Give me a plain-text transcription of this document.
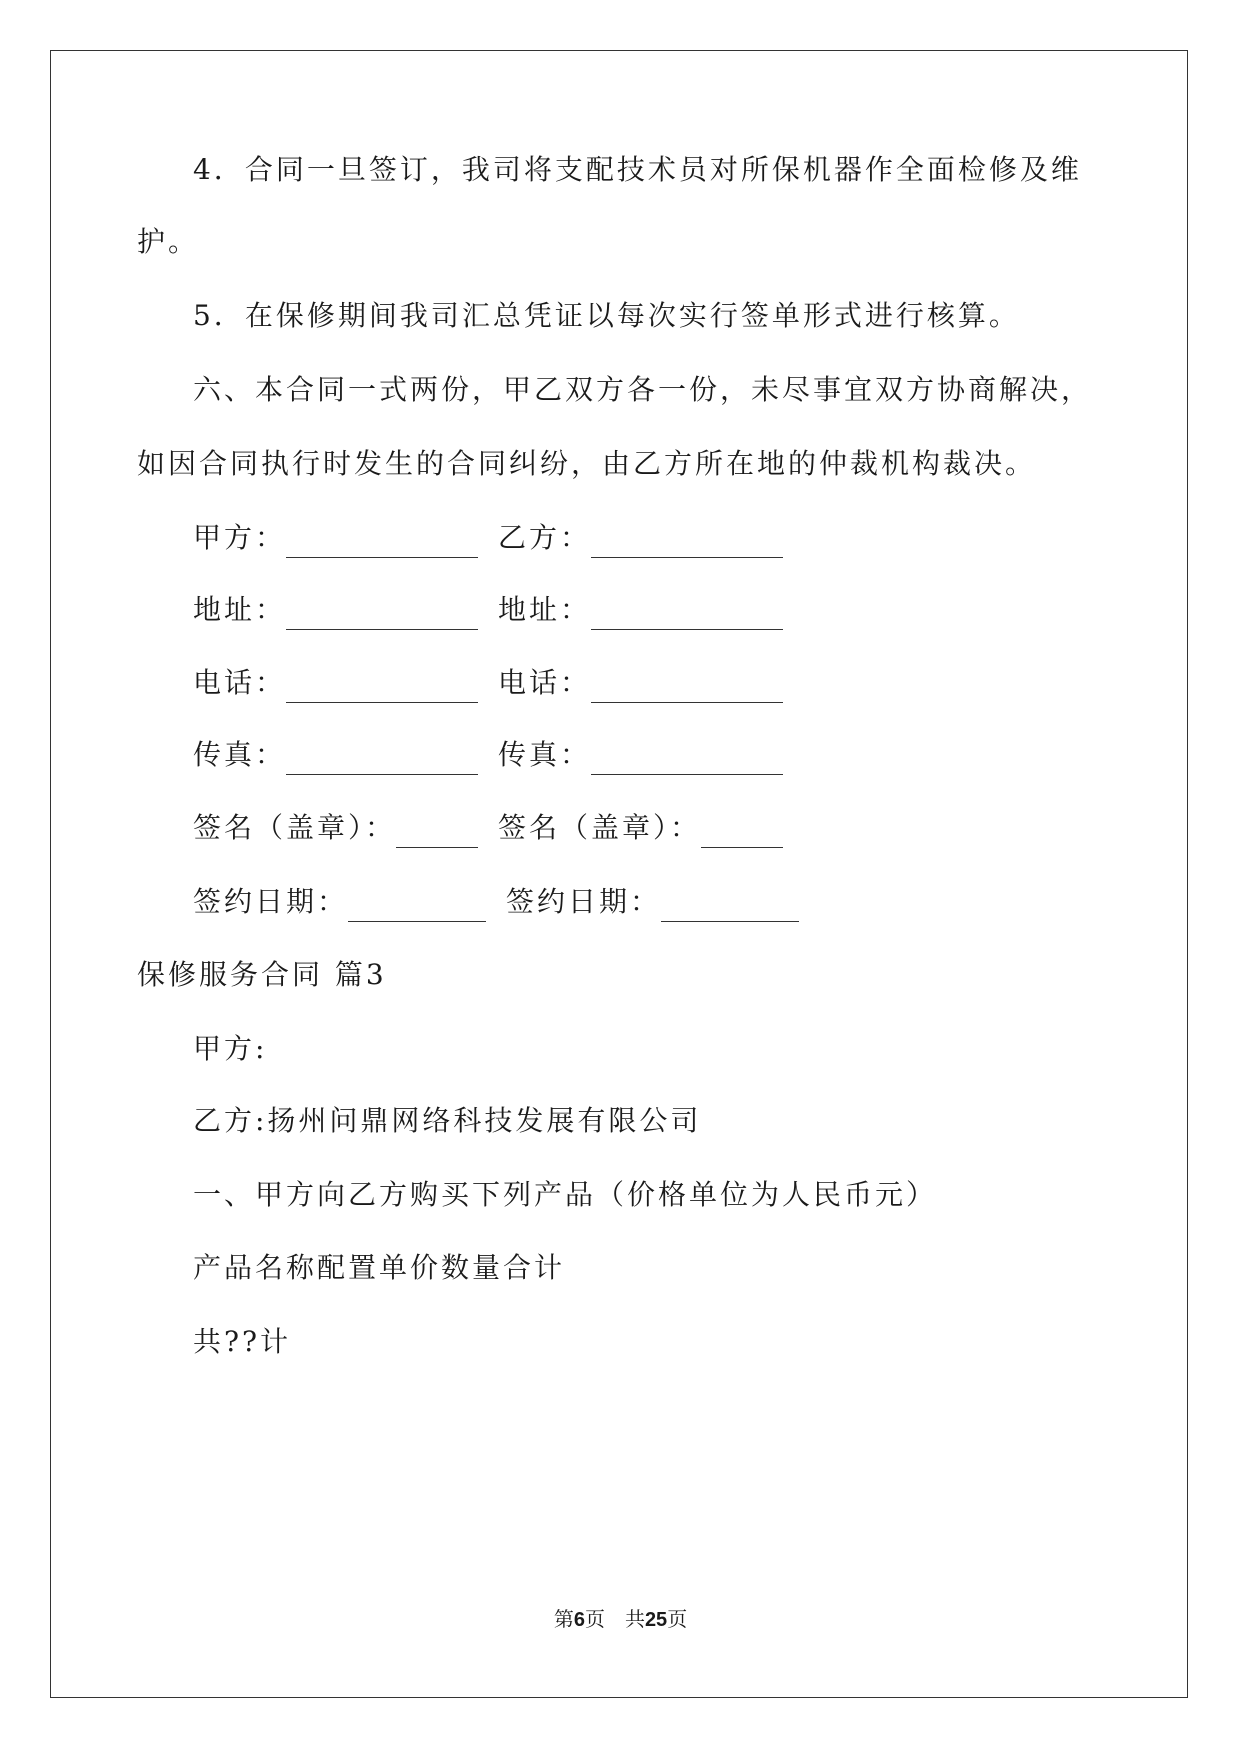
4．合同一旦签订，我司将支配技术员对所保机器作全面检修及维
护。
5．在保修期间我司汇总凭证以每次实行签单形式进行核算。
六、本合同一式两份，甲乙双方各一份，未尽事宜双方协商解决，
如因合同执行时发生的合同纠纷，由乙方所在地的仲裁机构裁决。
甲方：	乙方：
地址：	地址：
电话：	电话：
传真：	传真：
签名（盖章）：	签名（盖章）：
签约日期：	签约日期：
保修服务合同 篇3
甲方:
乙方:扬州问鼎网络科技发展有限公司
一、甲方向乙方购买下列产品（价格单位为人民币元）
产品名称配置单价数量合计
共??计
第6页 共25页
